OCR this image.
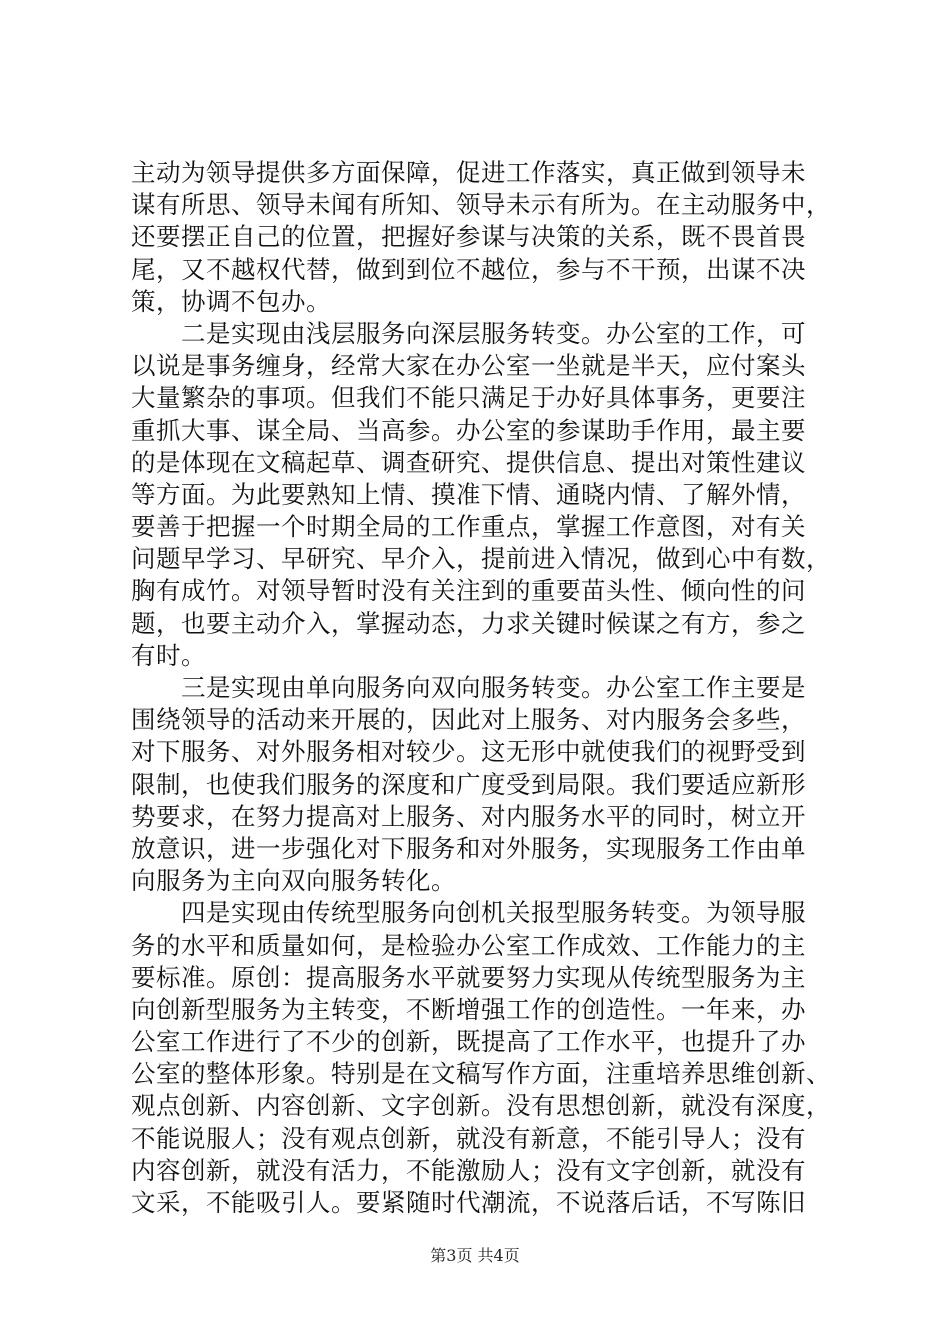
主动为领导提供多方面保障，促进工作落实，真正做到领导未
谋有所思、领导未闻有所知、领导未示有所为。在主动服务中，
还要摆正自己的位置，把握好参谋与决策的关系，既不畏首畏
尾，又不越权代替，做到到位不越位，参与不干预，出谋不决
策，协调不包办。
二是实现由浅层服务向深层服务转变。办公室的工作，可
以说是事务缠身，经常大家在办公室一坐就是半天，应付案头
大量繁杂的事项。但我们不能只满足于办好具体事务，更要注
重抓大事、谋全局、当高参。办公室的参谋助手作用，最主要
的是体现在文稿起草、调查研究、提供信息、提出对策性建议
等方面。为此要熟知上情、摸准下情、通晓内情、了解外情，
要善于把握一个时期全局的工作重点，掌握工作意图，对有关
问题早学习、早研究、早介入，提前进入情况，做到心中有数，
胸有成竹。对领导暂时没有关注到的重要苗头性、倾向性的问
题，也要主动介入，掌握动态，力求关键时候谋之有方，参之
有时。
三是实现由单向服务向双向服务转变。办公室工作主要是
围绕领导的活动来开展的，因此对上服务、对内服务会多些，
对下服务、对外服务相对较少。这无形中就使我们的视野受到
限制，也使我们服务的深度和广度受到局限。我们要适应新形
势要求，在努力提高对上服务、对内服务水平的同时，树立开
放意识，进一步强化对下服务和对外服务，实现服务工作由单
向服务为主向双向服务转化。
四是实现由传统型服务向创机关报型服务转变。为领导服
务的水平和质量如何，是检验办公室工作成效、工作能力的主
要标准。原创：提高服务水平就要努力实现从传统型服务为主
向创新型服务为主转变，不断增强工作的创造性。一年来，办
公室工作进行了不少的创新，既提高了工作水平，也提升了办
公室的整体形象。特别是在文稿写作方面，注重培养思维创新、
观点创新、内容创新、文字创新。没有思想创新，就没有深度，
不能说服人；没有观点创新，就没有新意，不能引导人；没有
内容创新，就没有活力，不能激励人；没有文字创新，就没有
文采，不能吸引人。要紧随时代潮流，不说落后话，不写陈旧
第3页 共4页
